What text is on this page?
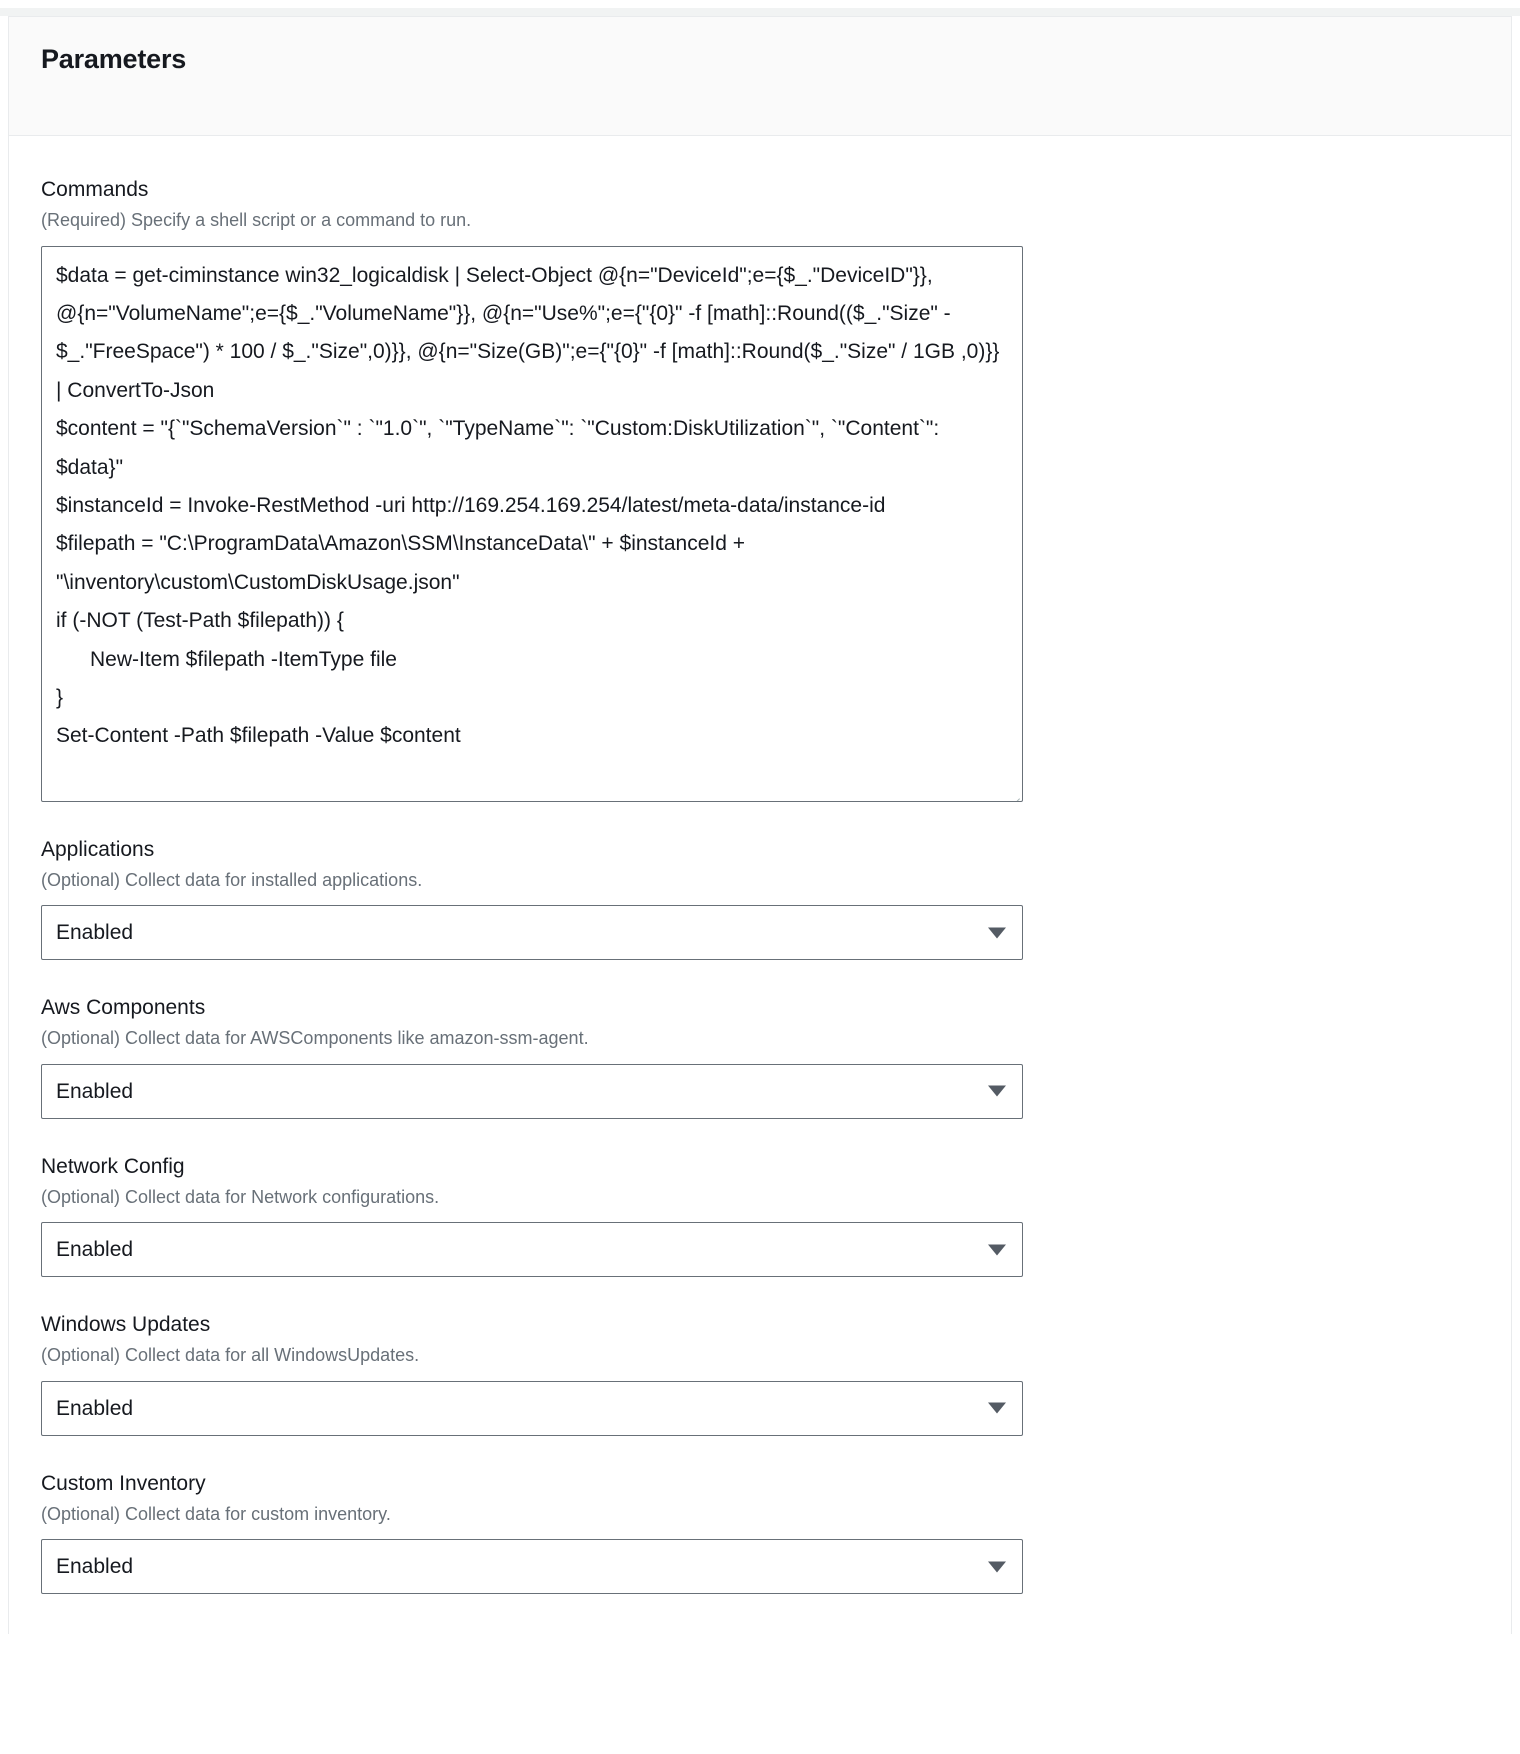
Parameters
Commands
(Required) Specify a shell script or a command to run.
$data = get-ciminstance win32_logicaldisk | Select-Object @{n="DeviceId";e={$_."DeviceID"}}, @{n="VolumeName";e={$_."VolumeName"}}, @{n="Use%";e={"{0}" -f [math]::Round(($_."Size" - $_."FreeSpace") * 100 / $_."Size",0)}}, @{n="Size(GB)";e={"{0}" -f [math]::Round($_."Size" / 1GB ,0)}} | ConvertTo-Json
$content = "{`"SchemaVersion`" : `"1.0`", `"TypeName`": `"Custom:DiskUtilization`", `"Content`": $data}"
$instanceId = Invoke-RestMethod -uri http://169.254.169.254/latest/meta-data/instance-id
$filepath = "C:\ProgramData\Amazon\SSM\InstanceData\" + $instanceId + "\inventory\custom\CustomDiskUsage.json"
if (-NOT (Test-Path $filepath)) {
New-Item $filepath -ItemType file
}
Set-Content -Path $filepath -Value $content
Applications
(Optional) Collect data for installed applications.
Enabled
Aws Components
(Optional) Collect data for AWSComponents like amazon-ssm-agent.
Enabled
Network Config
(Optional) Collect data for Network configurations.
Enabled
Windows Updates
(Optional) Collect data for all WindowsUpdates.
Enabled
Custom Inventory
(Optional) Collect data for custom inventory.
Enabled
